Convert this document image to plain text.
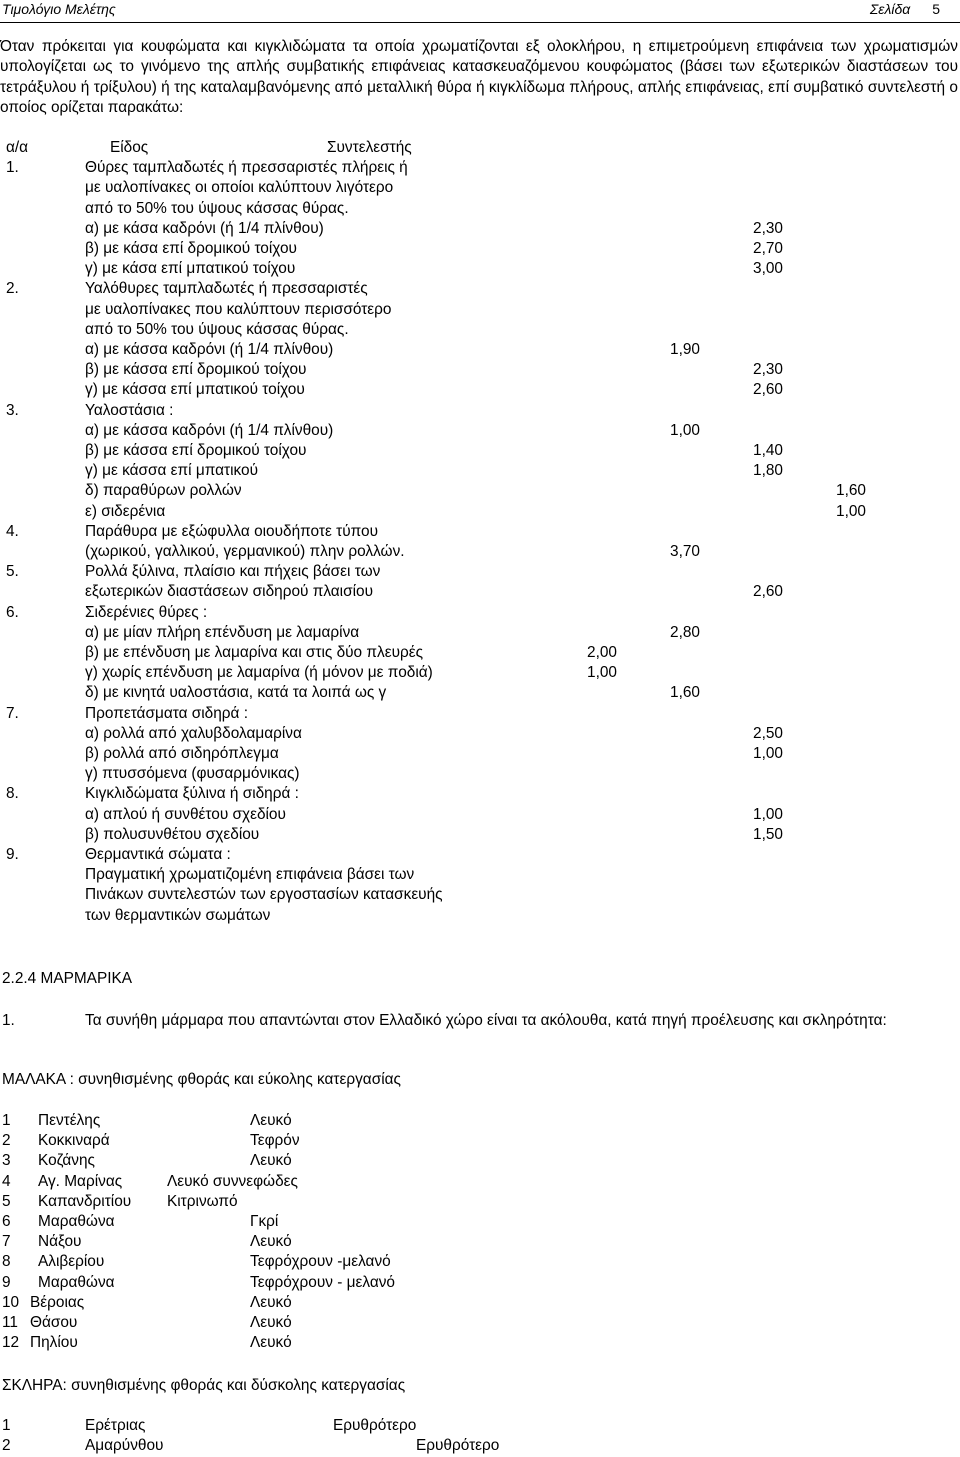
Τιμολόγιο Μελέτης	Σελίδα 5
Όταν πρόκειται για κουφώματα και κιγκλιδώματα τα οποία χρωματίζονται εξ ολοκλήρου, η επιμετρούμενη επιφάνεια των χρωματισμών υπολογίζεται ως το γινόμενο της απλής συμβατικής επιφάνειας κατασκευαζόμενου κουφώματος (βάσει των εξωτερικών διαστάσεων του τετράξυλου ή τρίξυλου) ή της καταλαμβανόμενης από μεταλλική θύρα ή κιγκλίδωμα πλήρους, απλής επιφάνειας, επί συμβατικό συντελεστή ο οποίος ορίζεται παρακάτω:
α/α	Είδος	Συντελεστής
1.	Θύρες ταμπλαδωτές ή πρεσσαριστές πλήρεις ή
με υαλοπίνακες οι οποίοι καλύπτουν λιγότερο
από το 50% του ύψους κάσσας θύρας.
α) με κάσα καδρόνι (ή 1/4 πλίνθου)	2,30
β) με κάσα επί δρομικού τοίχου	2,70
γ) με κάσα επί μπατικού τοίχου	3,00
2.	Υαλόθυρες ταμπλαδωτές ή πρεσσαριστές
με υαλοπίνακες που καλύπτουν περισσότερο
από το 50% του ύψους κάσσας θύρας.
α) με κάσσα καδρόνι (ή 1/4 πλίνθου)	1,90
β) με κάσσα επί δρομικού τοίχου	2,30
γ) με κάσσα επί μπατικού τοίχου	2,60
3.	Υαλοστάσια :
α) με κάσσα καδρόνι (ή 1/4 πλίνθου)	1,00
β) με κάσσα επί δρομικού τοίχου	1,40
γ) με κάσσα επί μπατικού	1,80
δ) παραθύρων ρολλών	1,60
ε) σιδερένια	1,00
4.	Παράθυρα με εξώφυλλα οιουδήποτε τύπου
(χωρικού, γαλλικού, γερμανικού) πλην ρολλών.	3,70
5.	Ρολλά ξύλινα, πλαίσιο και πήχεις βάσει των
εξωτερικών διαστάσεων σιδηρού πλαισίου	2,60
6.	Σιδερένιες θύρες :
α) με μίαν πλήρη επένδυση με λαμαρίνα	2,80
β) με επένδυση με λαμαρίνα και στις δύο πλευρές	2,00
γ) χωρίς επένδυση με λαμαρίνα (ή μόνον με ποδιά)	1,00
δ) με κινητά υαλοστάσια, κατά τα λοιπά ως γ	1,60
7.	Προπετάσματα σιδηρά :
α) ρολλά από χαλυβδολαμαρίνα	2,50
β) ρολλά από σιδηρόπλεγμα	1,00
γ) πτυσσόμενα (φυσαρμόνικας)
8.	Κιγκλιδώματα ξύλινα ή σιδηρά :
α) απλού ή συνθέτου σχεδίου	1,00
β) πολυσυνθέτου σχεδίου	1,50
9.	Θερμαντικά σώματα :
Πραγματική χρωματιζομένη επιφάνεια βάσει των
Πινάκων συντελεστών των εργοστασίων κατασκευής
των θερμαντικών σωμάτων
2.2.4 ΜΑΡΜΑΡΙΚΑ
1.	Τα συνήθη μάρμαρα που απαντώνται στον Ελλαδικό χώρο είναι τα ακόλουθα, κατά πηγή προέλευσης και σκληρότητα:
ΜΑΛΑΚΑ : συνηθισμένης φθοράς και εύκολης κατεργασίας
1 Πεντέλης	Λευκό
2 Κοκκιναρά	Τεφρόν
3 Κοζάνης	Λευκό
4 Αγ. Μαρίνας	Λευκό συννεφώδες
5 Καπανδριτίου Κιτρινωπό
6 Μαραθώνα	Γκρί
7 Νάξου	Λευκό
8 Αλιβερίου	Τεφρόχρουν -μελανό
9 Μαραθώνα	Τεφρόχρουν - μελανό
10 Βέροιας	Λευκό
11 Θάσου	Λευκό
12 Πηλίου	Λευκό
ΣΚΛΗΡΑ: συνηθισμένης φθοράς και δύσκολης κατεργασίας
1	Ερέτριας	Ερυθρότερο
2	Αμαρύνθου	Ερυθρότερο
